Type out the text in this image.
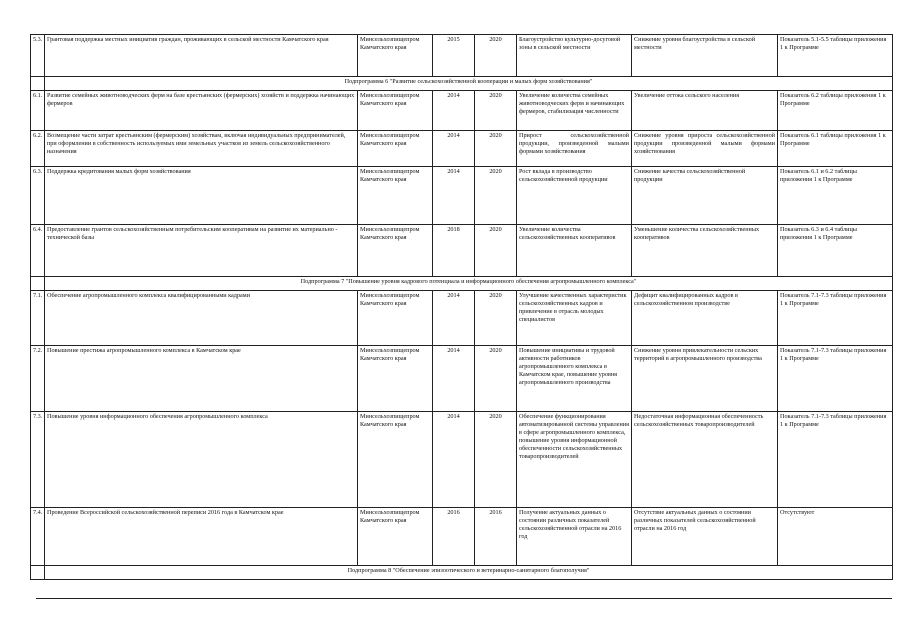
5.3.	Грантовая поддержка местных инициатив граждан, проживающих в сельской местности Камчатского края	Минсельхозпищепром Камчатского края	2015	2020	Благоустройство культурно-досуговой зоны в сельской местности	Снижение уровня благоустройства в сельской местности	Показатель 5.1-5.5 таблицы приложения 1 к Программе
	Подпрограмма 6 "Развитие сельскохозяйственной кооперации и малых форм хозяйствования"						
6.1.	Развитие семейных животноводческих ферм на базе крестьянских (фермерских) хозяйств и поддержка начинающих фермеров	Минсельхозпищепром Камчатского края	2014	2020	Увеличение количества семейных животноводческих ферм и начинающих фермеров, стабилизация численности	Увеличение оттока сельского населения	Показатель 6.2 таблицы приложения 1 к Программе
6.2.	Возмещение части затрат крестьянским (фермерским) хозяйствам, включая индивидуальных предпринимателей, при оформлении в собственность используемых ими земельных участков из земель сельскохозяйственного назначения	Минсельхозпищепром Камчатского края	2014	2020	Прирост сельскохозяйственной продукции, произведенной малыми формами хозяйствования	Снижение уровня прироста сельскохозяйственной продукции произведенной малыми формами хозяйствования	Показатель 6.1 таблицы приложения 1 к Программе
6.3.	Поддержка кредитования малых форм хозяйствования	Минсельхозпищепром Камчатского края	2014	2020	Рост вклада в производство сельскохозяйственной продукции	Снижение качества сельскохозяйственной продукции	Показатель 6.1 и 6.2 таблицы приложения 1 к Программе
6.4.	Предоставление грантов сельскохозяйственным потребительским кооперативам на развитие их материально - технической базы	Минсельхозпищепром Камчатского края	2018	2020	Увеличение количества сельскохозяйственных кооперативов	Уменьшение количества сельскохозяйственных кооперативов	Показатель 6.3 и 6.4 таблицы приложения 1 к Программе
	Подпрограмма 7 "Повышение уровня кадрового потенциала и информационного обеспечения агропромышленного комплекса"						
7.1.	Обеспечение агропромышленного комплекса квалифицированными кадрами	Минсельхозпищепром Камчатского края	2014	2020	Улучшение качественных характеристик сельскохозяйственных кадров и привлечение в отрасль молодых специалистов	Дефицит квалифицированных кадров в сельскохозяйственном производстве	Показатель 7.1-7.3 таблицы приложения 1 к Программе
7.2.	Повышение престижа агропромышленного комплекса в Камчатском крае	Минсельхозпищепром Камчатского края	2014	2020	Повышение инициативы и трудовой активности работников агропромышленного комплекса в Камчатском крае, повышение уровня агропромышленного производства	Снижение уровня привлекательности сельских территорий в агропромышленного производства	Показатель 7.1-7.3 таблицы приложения 1 к Программе
7.3.	Повышение уровня информационного обеспечения агропромышленного комплекса	Минсельхозпищепром Камчатского края	2014	2020	Обеспечение функционирования автоматизированной системы управления в сфере агропромышленного комплекса, повышение уровня информационной обеспеченности сельскохозяйственных товаропроизводителей	Недостаточная информационная обеспеченность сельскохозяйственных товаропроизводителей	Показатель 7.1-7.3 таблицы приложения 1 к Программе
7.4.	Проведение Всероссийской сельскохозяйственной переписи 2016 года в Камчатском крае	Минсельхозпищепром Камчатского края	2016	2016	Получение актуальных данных о состоянии различных показателей сельскохозяйственной отрасли на 2016 год	Отсутствие актуальных данных о состоянии различных показателей сельскохозяйственной отрасли на 2016 год	Отсутствуют
	Подпрограмма 8 "Обеспечение эпизоотического и ветеринарно-санитарного благополучия"						
